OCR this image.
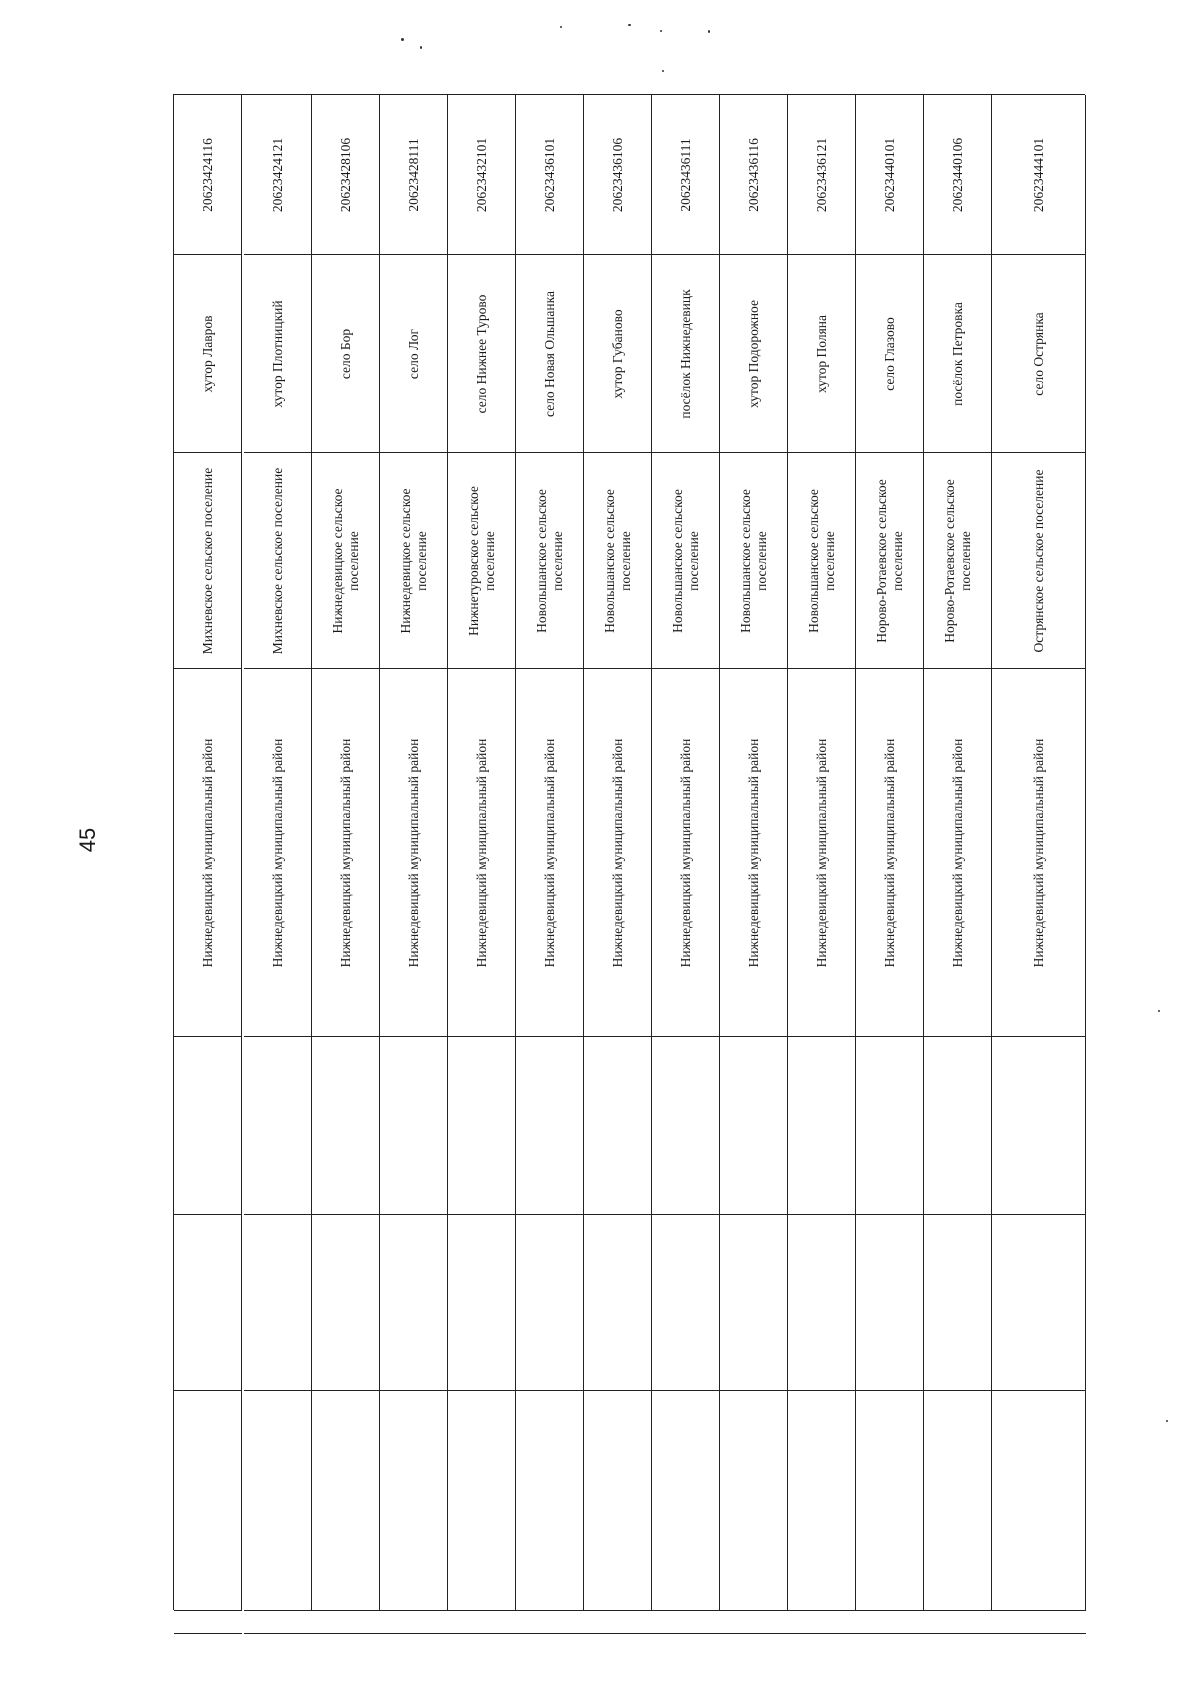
45
20623424116
хутор Лавров
Михневское сельское поселение
Нижнедевицкий муниципальный район
20623424121
хутор Плотницкий
Михневское сельское поселение
Нижнедевицкий муниципальный район
20623428106
село Бор
Нижнедевицкое сельское поселение
Нижнедевицкий муниципальный район
20623428111
село Лог
Нижнедевицкое сельское поселение
Нижнедевицкий муниципальный район
20623432101
село Нижнее Турово
Нижнетуровское сельское поселение
Нижнедевицкий муниципальный район
20623436101
село Новая Ольшанка
Новольшанское сельское поселение
Нижнедевицкий муниципальный район
20623436106
хутор Губаново
Новольшанское сельское поселение
Нижнедевицкий муниципальный район
20623436111
посёлок Нижнедевицк
Новольшанское сельское поселение
Нижнедевицкий муниципальный район
20623436116
хутор Подорожное
Новольшанское сельское поселение
Нижнедевицкий муниципальный район
20623436121
хутор Поляна
Новольшанское сельское поселение
Нижнедевицкий муниципальный район
20623440101
село Глазово
Норово-Ротаевское сельское поселение
Нижнедевицкий муниципальный район
20623440106
посёлок Петровка
Норово-Ротаевское сельское поселение
Нижнедевицкий муниципальный район
20623444101
село Острянка
Острянское сельское поселение
Нижнедевицкий муниципальный район
